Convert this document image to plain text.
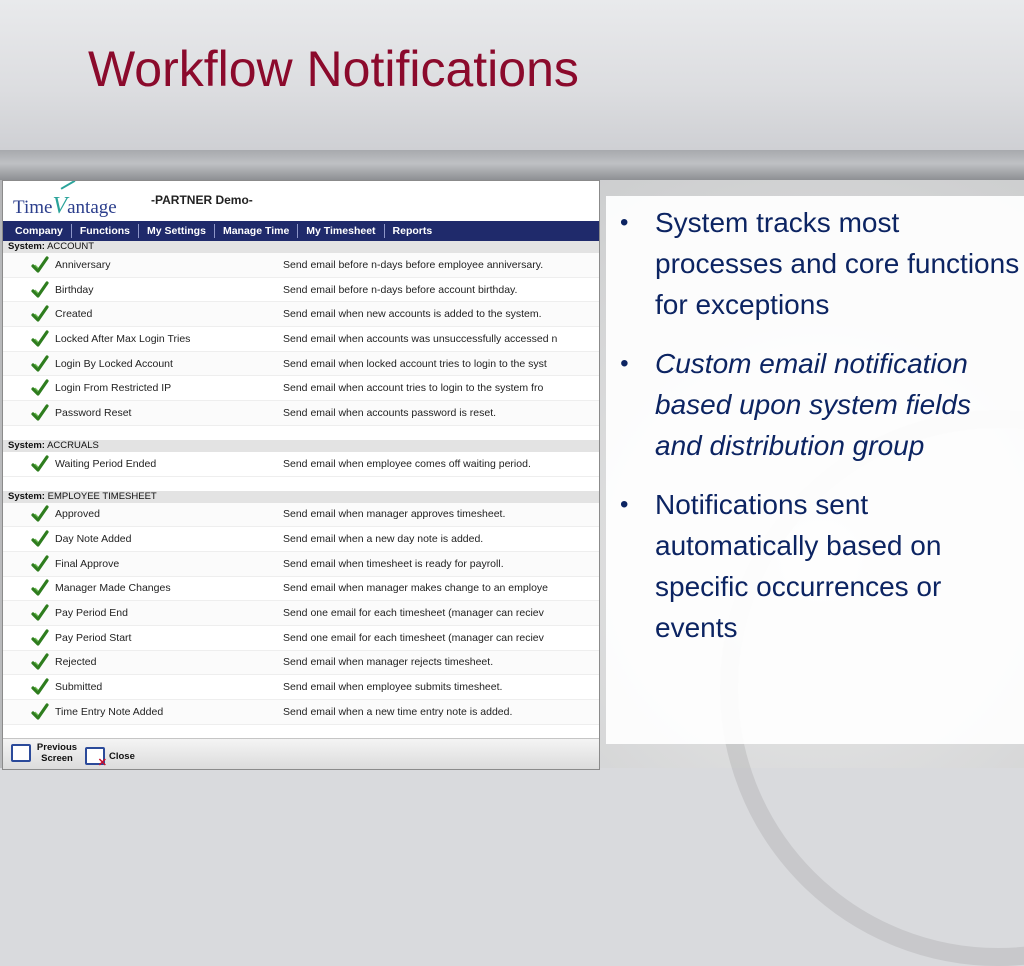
Workflow Notifications
TimeVantage	-PARTNER Demo-
Company	Functions	My Settings	Manage Time	My Timesheet	Reports
System: ACCOUNT
Anniversary	Send email before n-days before employee anniversary.
Birthday	Send email before n-days before account birthday.
Created	Send email when new accounts is added to the system.
Locked After Max Login Tries	Send email when accounts was unsuccessfully accessed n
Login By Locked Account	Send email when locked account tries to login to the syst
Login From Restricted IP	Send email when account tries to login to the system fro
Password Reset	Send email when accounts password is reset.
System: ACCRUALS
Waiting Period Ended	Send email when employee comes off waiting period.
System: EMPLOYEE TIMESHEET
Approved	Send email when manager approves timesheet.
Day Note Added	Send email when a new day note is added.
Final Approve	Send email when timesheet is ready for payroll.
Manager Made Changes	Send email when manager makes change to an employe
Pay Period End	Send one email for each timesheet (manager can reciev
Pay Period Start	Send one email for each timesheet (manager can reciev
Rejected	Send email when manager rejects timesheet.
Submitted	Send email when employee submits timesheet.
Time Entry Note Added	Send email when a new time entry note is added.
Previous Screen
✕	Close
• System tracks most processes and core functions for exceptions
• Custom email notification based upon system fields and distribution group
• Notifications sent automatically based on specific occurrences or events
